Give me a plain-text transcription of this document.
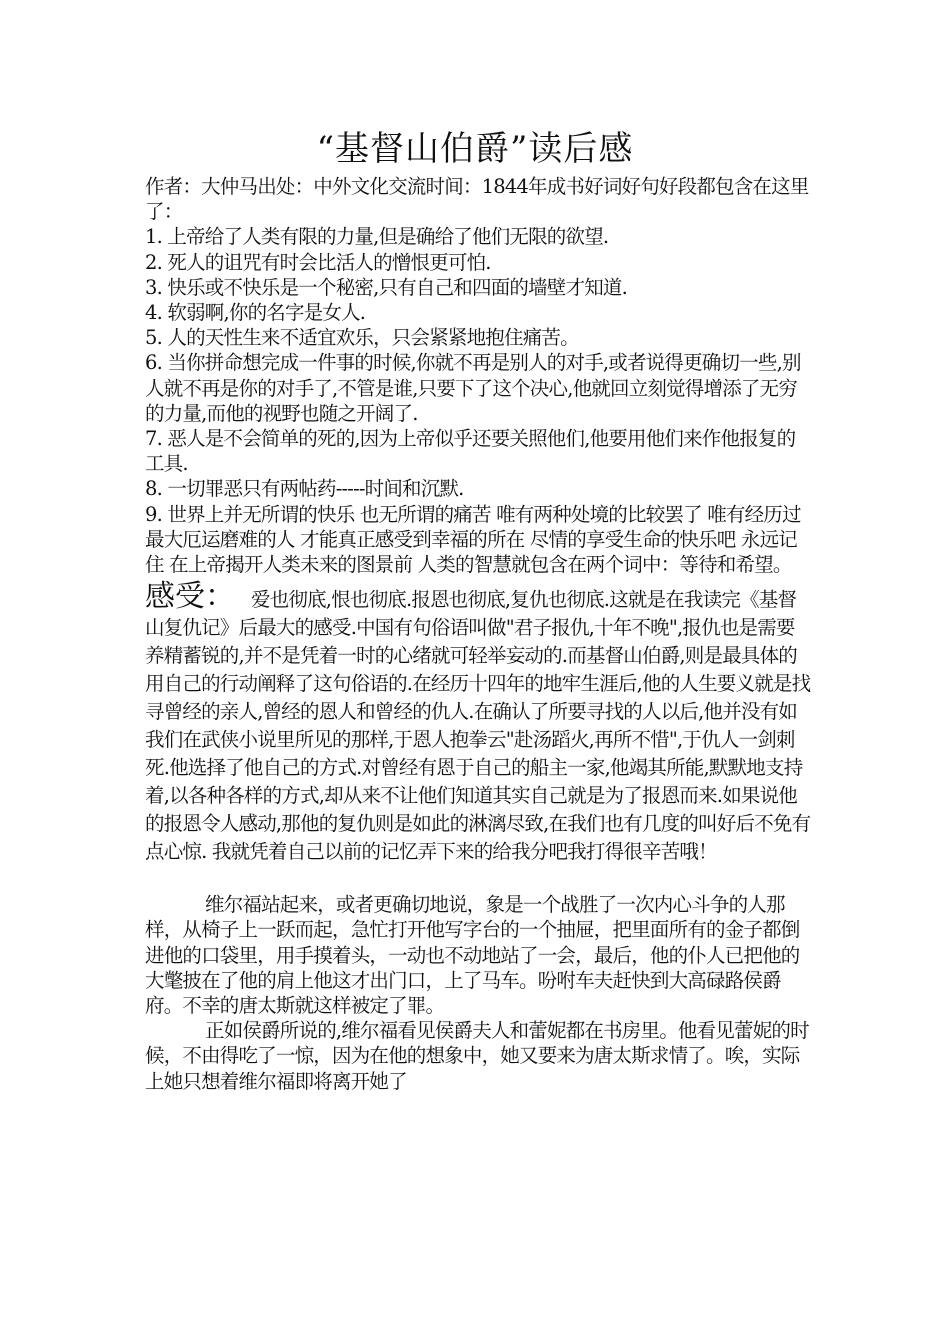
“基督山伯爵”读后感

作者：大仲马出处：中外文化交流时间：1844年成书好词好句好段都包含在这里了：

1. 上帝给了人类有限的力量,但是确给了他们无限的欲望.

2. 死人的诅咒有时会比活人的憎恨更可怕.

3. 快乐或不快乐是一个秘密,只有自己和四面的墙壁才知道.

4. 软弱啊,你的名字是女人.

5. 人的天性生来不适宜欢乐，只会紧紧地抱住痛苦。

6. 当你拼命想完成一件事的时候,你就不再是别人的对手,或者说得更确切一些,别人就不再是你的对手了,不管是谁,只要下了这个决心,他就回立刻觉得增添了无穷的力量,而他的视野也随之开阔了.

7. 恶人是不会简单的死的,因为上帝似乎还要关照他们,他要用他们来作他报复的工具.

8. 一切罪恶只有两帖药-----时间和沉默.

9. 世界上并无所谓的快乐 也无所谓的痛苦 唯有两种处境的比较罢了 唯有经历过最大厄运磨难的人 才能真正感受到幸福的所在 尽情的享受生命的快乐吧 永远记住 在上帝揭开人类未来的图景前 人类的智慧就包含在两个词中：等待和希望。

感受： 爱也彻底,恨也彻底.报恩也彻底,复仇也彻底.这就是在我读完《基督山复仇记》后最大的感受.中国有句俗语叫做"君子报仇,十年不晚",报仇也是需要养精蓄锐的,并不是凭着一时的心绪就可轻举妄动的.而基督山伯爵,则是最具体的用自己的行动阐释了这句俗语的.在经历十四年的地牢生涯后,他的人生要义就是找寻曾经的亲人,曾经的恩人和曾经的仇人.在确认了所要寻找的人以后,他并没有如我们在武侠小说里所见的那样,于恩人抱拳云"赴汤蹈火,再所不惜",于仇人一剑刺死.他选择了他自己的方式.对曾经有恩于自己的船主一家,他竭其所能,默默地支持着,以各种各样的方式,却从来不让他们知道其实自己就是为了报恩而来.如果说他的报恩令人感动,那他的复仇则是如此的淋漓尽致,在我们也有几度的叫好后不免有点心惊. 我就凭着自己以前的记忆弄下来的给我分吧我打得很辛苦哦！

维尔福站起来，或者更确切地说，象是一个战胜了一次内心斗争的人那样，从椅子上一跃而起，急忙打开他写字台的一个抽屉，把里面所有的金子都倒进他的口袋里，用手摸着头，一动也不动地站了一会，最后，他的仆人已把他的大氅披在了他的肩上他这才出门口，上了马车。吩咐车夫赶快到大高碌路侯爵府。不幸的唐太斯就这样被定了罪。

正如侯爵所说的,维尔福看见侯爵夫人和蕾妮都在书房里。他看见蕾妮的时候，不由得吃了一惊，因为在他的想象中，她又要来为唐太斯求情了。唉，实际上她只想着维尔福即将离开她了
